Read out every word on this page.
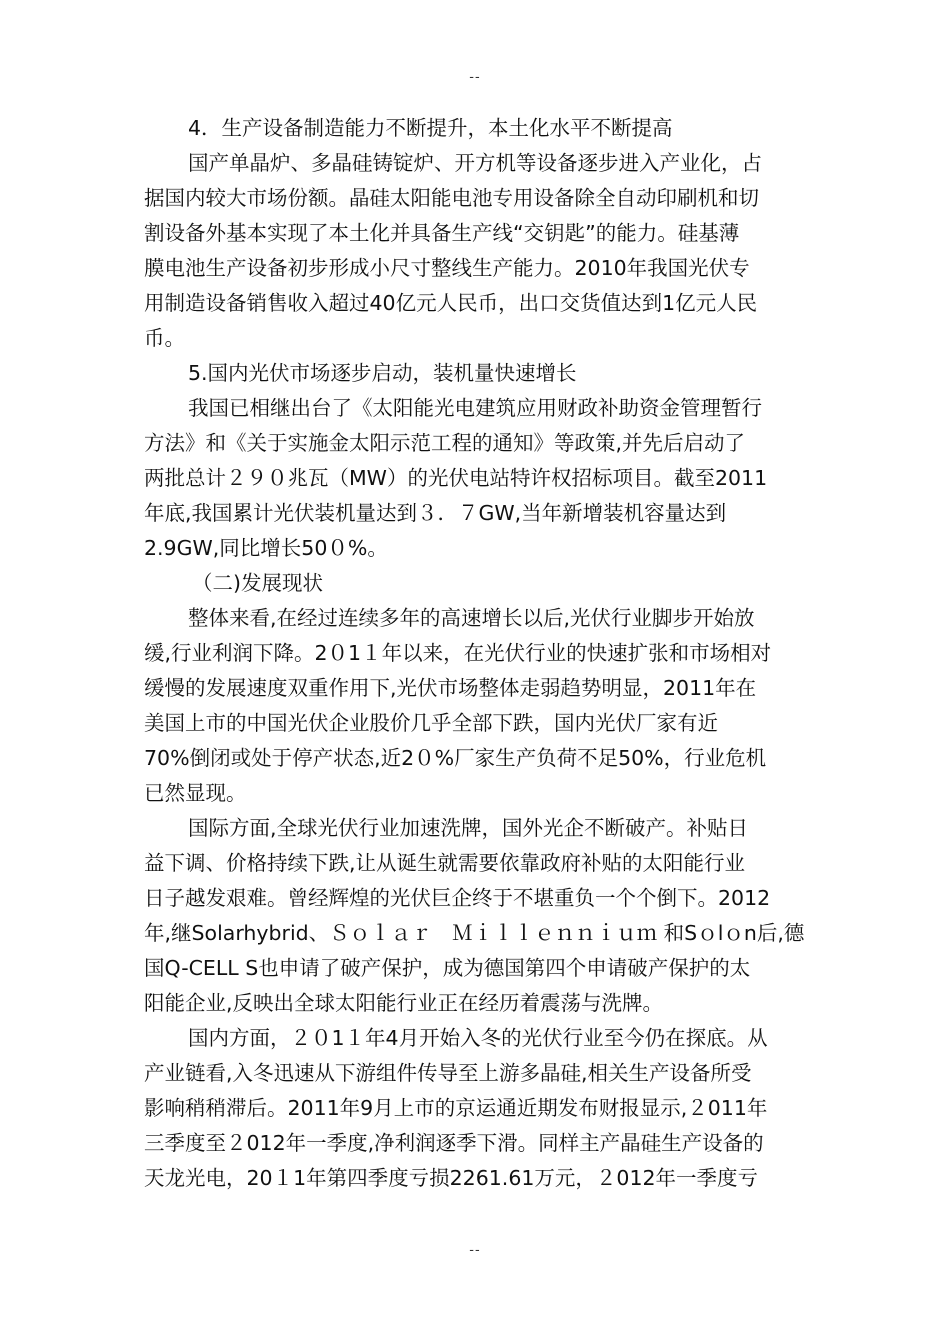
--
4．生产设备制造能力不断提升，本土化水平不断提高
国产单晶炉、多晶硅铸锭炉、开方机等设备逐步进入产业化，占
据国内较大市场份额。晶硅太阳能电池专用设备除全自动印刷机和切
割设备外基本实现了本土化并具备生产线“交钥匙”的能力。硅基薄
膜电池生产设备初步形成小尺寸整线生产能力。2010年我国光伏专
用制造设备销售收入超过40亿元人民币，出口交货值达到1亿元人民
币。
5.国内光伏市场逐步启动，装机量快速增长
我国已相继出台了《太阳能光电建筑应用财政补助资金管理暂行
方法》和《关于实施金太阳示范工程的通知》等政策,并先后启动了
两批总计２９０兆瓦（MW）的光伏电站特许权招标项目。截至2011
年底,我国累计光伏装机量达到３．７GW,当年新增装机容量达到
2.9GW,同比增长50０%。
（二)发展现状
整体来看,在经过连续多年的高速增长以后,光伏行业脚步开始放
缓,行业利润下降。2０1１年以来，在光伏行业的快速扩张和市场相对
缓慢的发展速度双重作用下,光伏市场整体走弱趋势明显，2011年在
美国上市的中国光伏企业股价几乎全部下跌，国内光伏厂家有近
70%倒闭或处于停产状态,近2０%厂家生产负荷不足50%，行业危机
已然显现。
国际方面,全球光伏行业加速洗牌，国外光企不断破产。补贴日
益下调、价格持续下跌,让从诞生就需要依靠政府补贴的太阳能行业
日子越发艰难。曾经辉煌的光伏巨企终于不堪重负一个个倒下。2012
年,继Solarhybrid、Ｓｏｌａｒ　Ｍｉｌｌｅｎｎｉｕｍ 和Sｏlｏn后,德
国Q-CELL S也申请了破产保护，成为德国第四个申请破产保护的太
阳能企业,反映出全球太阳能行业正在经历着震荡与洗牌。
国内方面，２０1１年4月开始入冬的光伏行业至今仍在探底。从
产业链看,入冬迅速从下游组件传导至上游多晶硅,相关生产设备所受
影响稍稍滞后。2011年9月上市的京运通近期发布财报显示,２011年
三季度至２012年一季度,净利润逐季下滑。同样主产晶硅生产设备的
天龙光电，20１1年第四季度亏损2261.61万元，２012年一季度亏
--
